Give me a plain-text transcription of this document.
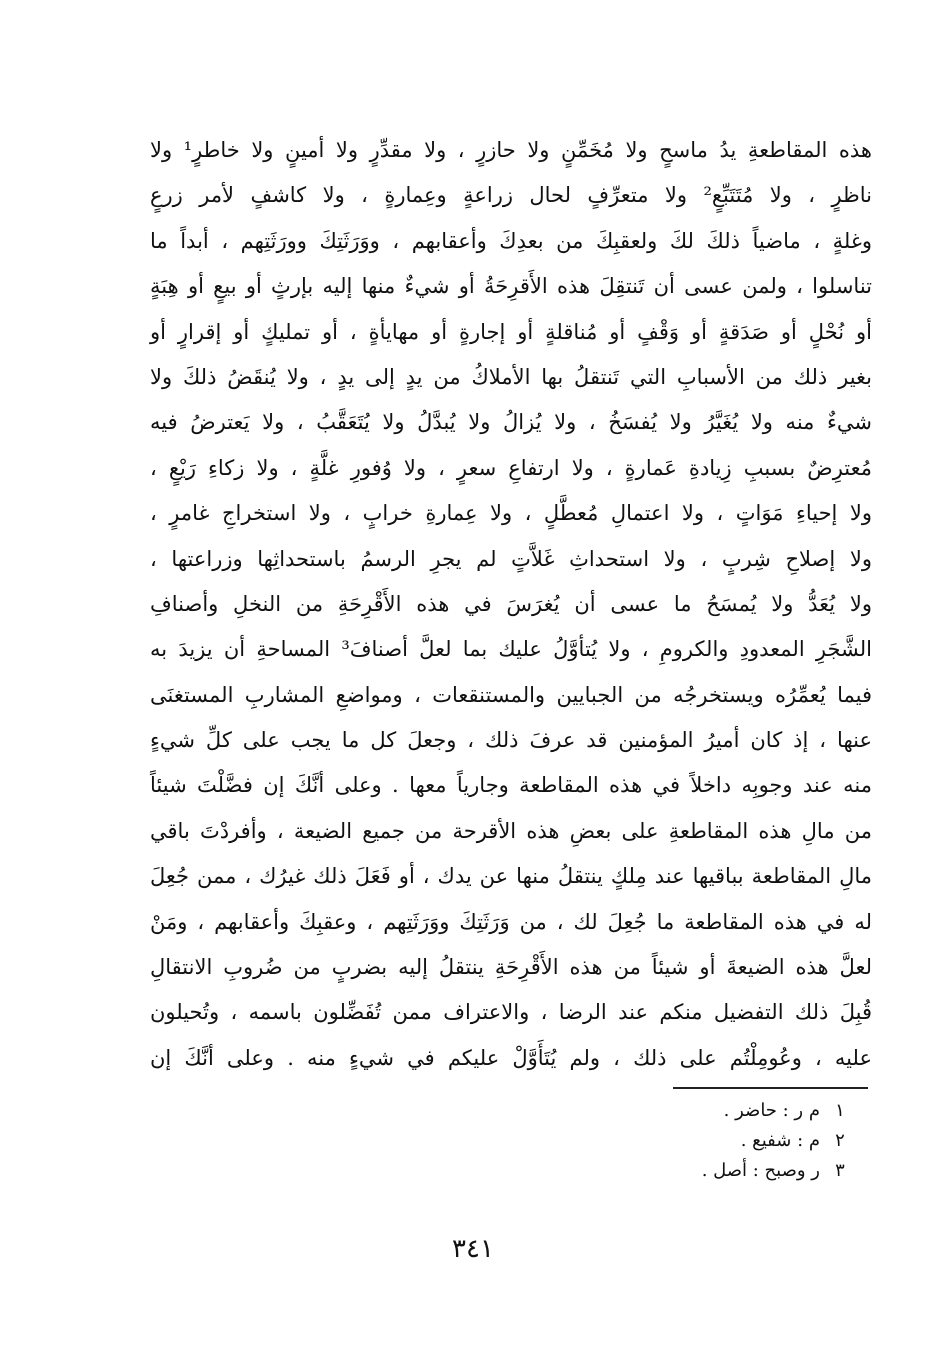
هذه المقاطعةِ يدُ ماسحٍ ولا مُخَمِّنٍ ولا حازرٍ ، ولا مقدِّرٍ ولا أمينٍ ولا خاطرٍ¹ ولا
ناظرٍ ، ولا مُتَتَبِّعٍ² ولا متعرِّفٍ لحال زراعةٍ وعِمارةٍ ، ولا كاشفٍ لأمر زرعٍ
وغلةٍ ، ماضياً ذلكَ لكَ ولعقبِكَ من بعدِكَ وأعقابهم ، ووَرَثَتِكَ وورَثَتِهم ، أبداً ما
تناسلوا ، ولمن عسى أن تَنتقِلَ هذه الأَقرِحَةُ أو شيءٌ منها إليه بإرثٍ أو بيعٍ أو هِبَةٍ
أو نُحْلٍ أو صَدَقةٍ أو وَقْفٍ أو مُناقلةٍ أو إجارةٍ أو مهايأةٍ ، أو تمليكٍ أو إقرارٍ أو
بغير ذلك من الأسبابِ التي تَنتقلُ بها الأملاكُ من يدٍ إلى يدٍ ، ولا يُنقَضُ ذلكَ ولا
شيءٌ منه ولا يُغَيَّرُ ولا يُفسَخُ ، ولا يُزالُ ولا يُبدَّلُ ولا يُتَعَقَّبُ ، ولا يَعترضُ فيه
مُعترِضٌ بسببِ زِيادةِ عَمارةٍ ، ولا ارتفاعِ سعرٍ ، ولا وُفورِ غلَّةٍ ، ولا زكاءِ رَيْعٍ ،
ولا إحياءِ مَوَاتٍ ، ولا اعتمالِ مُعطَّلٍ ، ولا عِمارةِ خرابٍ ، ولا استخراجِ غامرٍ ،
ولا إصلاحِ شِربٍ ، ولا استحداثِ غَلاَّتٍ لم يجرِ الرسمُ باستحداثِها وزراعتها ،
ولا يُعَدُّ ولا يُمسَحُ ما عسى أن يُغرَسَ في هذه الأَقْرِحَةِ من النخلِ وأصنافِ
الشَّجَرِ المعدودِ والكرومِ ، ولا يُتأوَّلُ عليك بما لعلَّ أصنافَ³ المساحةِ أن يزيدَ به
فيما يُعمِّرُه ويستخرجُه من الجبايين والمستنقعات ، ومواضعِ المشاربِ المستغنَى
عنها ، إذ كان أميرُ المؤمنين قد عرفَ ذلك ، وجعلَ كل ما يجب على كلِّ شيءٍ
منه عند وجوبِه داخلاً في هذه المقاطعة وجارياً معها . وعلى أنَّكَ إن فضَّلْتَ شيئاً
من مالِ هذه المقاطعةِ على بعضِ هذه الأقرحة من جميع الضيعة ، وأفردْتَ باقي
مالِ المقاطعة بباقيها عند مِلكٍ ينتقلُ منها عن يدك ، أو فَعَلَ ذلك غيرُك ، ممن جُعِلَ
له في هذه المقاطعة ما جُعِلَ لك ، من وَرَثَتِكَ ووَرَثَتِهم ، وعقبِكَ وأعقابهم ، ومَنْ
لعلَّ هذه الضيعةَ أو شيئاً من هذه الأَقْرِحَةِ ينتقلُ إليه بضربٍ من ضُروبِ الانتقالِ
قُبِلَ ذلك التفضيل منكم عند الرضا ، والاعتراف ممن تُفَضِّلون باسمه ، وتُحيلون
عليه ، وعُومِلْتُم على ذلك ، ولم يُتَأَوَّلْ عليكم في شيءٍ منه . وعلى أنَّكَ إن
١
م ر : حاضر .
٢
م : شفيع .
٣
ر وصبح : أصل .
٣٤١
